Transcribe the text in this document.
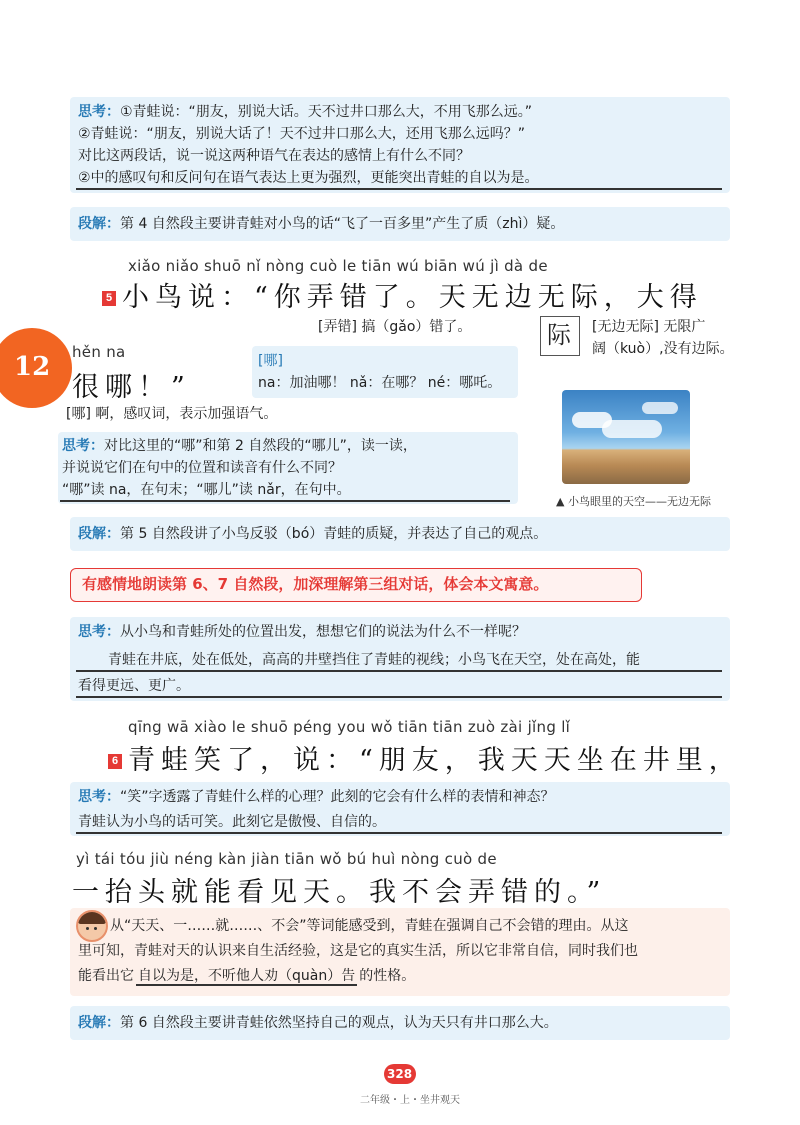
思考：①青蛙说：“朋友，别说大话。天不过井口那么大，不用飞那么远。”
②青蛙说：“朋友，别说大话了！天不过井口那么大，还用飞那么远吗？”
对比这两段话，说一说这两种语气在表达的感情上有什么不同？
②中的感叹句和反问句在语气表达上更为强烈，更能突出青蛙的自以为是。
段解：第 4 自然段主要讲青蛙对小鸟的话“飞了一百多里”产生了质（zhì）疑。
12
xiǎo niǎo shuō nǐ nòng cuò le tiān wú biān wú jì dà de
5 小鸟说：“你弄错了。天无边无际，大得
[弄错] 搞（gǎo）错了。	际 [无边无际] 无限广
阔（kuò）,没有边际。
hěn na
很哪！”
[哪]
na：加油哪！ nǎ：在哪？ né：哪吒。
[哪] 啊，感叹词，表示加强语气。
思考：对比这里的“哪”和第 2 自然段的“哪儿”，读一读，
并说说它们在句中的位置和读音有什么不同？
“哪”读 na，在句末；“哪儿”读 nǎr，在句中。
▲ 小鸟眼里的天空——无边无际
段解：第 5 自然段讲了小鸟反驳（bó）青蛙的质疑，并表达了自己的观点。
有感情地朗读第 6、7 自然段，加深理解第三组对话，体会本文寓意。
思考：从小鸟和青蛙所处的位置出发，想想它们的说法为什么不一样呢？
青蛙在井底，处在低处，高高的井壁挡住了青蛙的视线；小鸟飞在天空，处在高处，能
看得更远、更广。
qīng wā xiào le shuō péng you wǒ tiān tiān zuò zài jǐng lǐ
6 青蛙笑了，说：“朋友，我天天坐在井里，
思考：“笑”字透露了青蛙什么样的心理？此刻的它会有什么样的表情和神态？
青蛙认为小鸟的话可笑。此刻它是傲慢、自信的。
yì tái tóu jiù néng kàn jiàn tiān wǒ bú huì nòng cuò de
一抬头就能看见天。我不会弄错的。”
从“天天、一……就……、不会”等词能感受到，青蛙在强调自己不会错的理由。从这
里可知，青蛙对天的认识来自生活经验，这是它的真实生活，所以它非常自信，同时我们也
能看出它 自以为是，不听他人劝（quàn）告 的性格。
段解：第 6 自然段主要讲青蛙依然坚持自己的观点，认为天只有井口那么大。
328
二年级・上・坐井观天
